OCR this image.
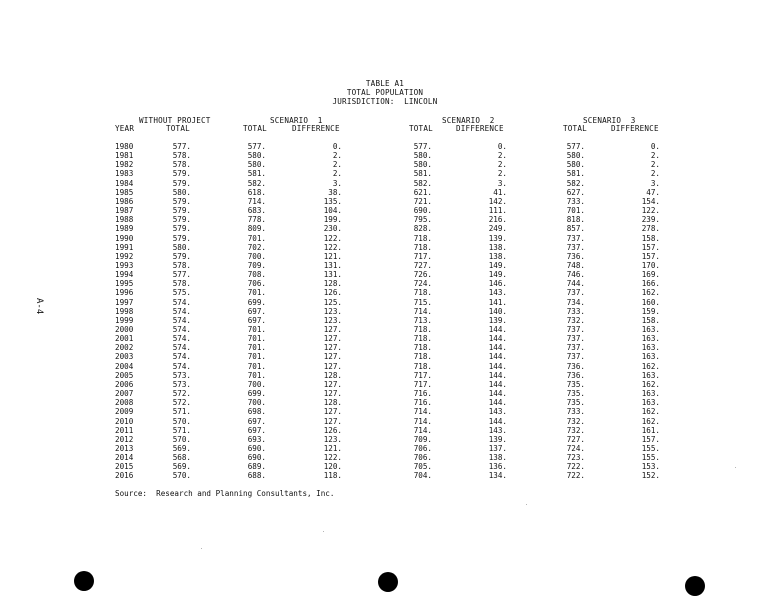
TABLE A1
TOTAL POPULATION
JURISDICTION:  LINCOLN
WITHOUT PROJECT	SCENARIO  1	SCENARIO  2	SCENARIO  3
YEAR	TOTAL	TOTAL	DIFFERENCE	TOTAL	DIFFERENCE	TOTAL	DIFFERENCE
1980	577.	577.	0.	577.	0.	577.	0.
1981	578.	580.	2.	580.	2.	580.	2.
1982	578.	580.	2.	580.	2.	580.	2.
1983	579.	581.	2.	581.	2.	581.	2.
1984	579.	582.	3.	582.	3.	582.	3.
1985	580.	618.	38.	621.	41.	627.	47.
1986	579.	714.	135.	721.	142.	733.	154.
1987	579.	683.	104.	690.	111.	701.	122.
1988	579.	778.	199.	795.	216.	818.	239.
1989	579.	809.	230.	828.	249.	857.	278.
1990	579.	701.	122.	718.	139.	737.	158.
1991	580.	702.	122.	718.	138.	737.	157.
1992	579.	700.	121.	717.	138.	736.	157.
1993	578.	709.	131.	727.	149.	748.	170.
1994	577.	708.	131.	726.	149.	746.	169.
1995	578.	706.	128.	724.	146.	744.	166.
1996	575.	701.	126.	718.	143.	737.	162.
1997	574.	699.	125.	715.	141.	734.	160.
1998	574.	697.	123.	714.	140.	733.	159.
1999	574.	697.	123.	713.	139.	732.	158.
2000	574.	701.	127.	718.	144.	737.	163.
2001	574.	701.	127.	718.	144.	737.	163.
2002	574.	701.	127.	718.	144.	737.	163.
2003	574.	701.	127.	718.	144.	737.	163.
2004	574.	701.	127.	718.	144.	736.	162.
2005	573.	701.	128.	717.	144.	736.	163.
2006	573.	700.	127.	717.	144.	735.	162.
2007	572.	699.	127.	716.	144.	735.	163.
2008	572.	700.	128.	716.	144.	735.	163.
2009	571.	698.	127.	714.	143.	733.	162.
2010	570.	697.	127.	714.	144.	732.	162.
2011	571.	697.	126.	714.	143.	732.	161.
2012	570.	693.	123.	709.	139.	727.	157.
2013	569.	690.	121.	706.	137.	724.	155.
2014	568.	690.	122.	706.	138.	723.	155.
2015	569.	689.	120.	705.	136.	722.	153.
2016	570.	688.	118.	704.	134.	722.	152.
Source:  Research and Planning Consultants, Inc.
A-4
